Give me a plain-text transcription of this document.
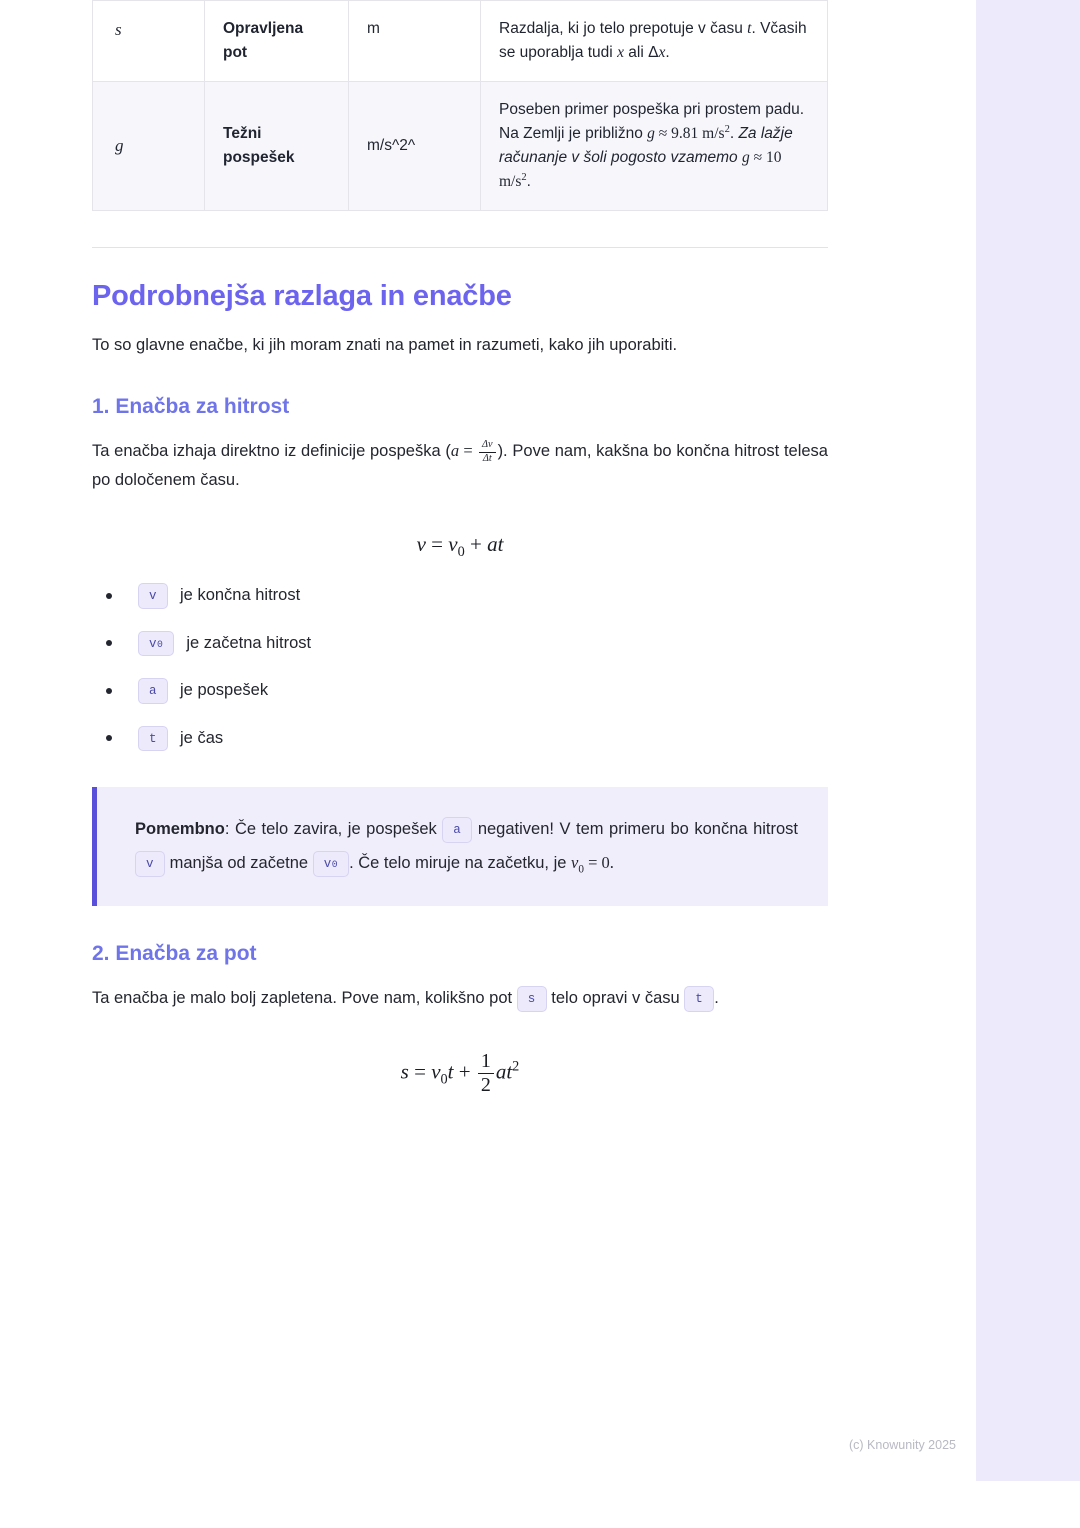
s	Opravljena pot	m	Razdalja, ki jo telo prepotuje v času t. Včasih se uporablja tudi x ali Δx.
g	Težni pospešek	m/s^2^	Poseben primer pospeška pri prostem padu. Na Zemlji je približno g ≈ 9.81 $m/s^2$. Za lažje računanje v šoli pogosto vzamemo g ≈ 10 $m/s^2$.
Podrobnejša razlaga in enačbe

To so glavne enačbe, ki jih moram znati na pamet in razumeti, kako jih uporabiti.

1. Enačba za hitrost

Ta enačba izhaja direktno iz definicije pospeška ($a = \frac{\Delta v}{\Delta t}$ ). Pove nam, kakšna bo končna hitrost telesa po določenem času.

$v = v_0$ + at
v	je končna hitrost
v0	je začetna hitrost
a	je pospešek
t	je čas

Pomembno: Če telo zavira, je pospešek a negativen! V tem primeru bo končna hitrost v manjša od začetne v0 . Če telo miruje na začetku, je $v_0 = 0$.

2. Enačba za pot

Ta enačba je malo bolj zapletena. Pove nam, kolikšno pot s telo opravi v času t .

$s = v_0t + \frac{1}{2} at^2$
(c) Knowunity 2025
